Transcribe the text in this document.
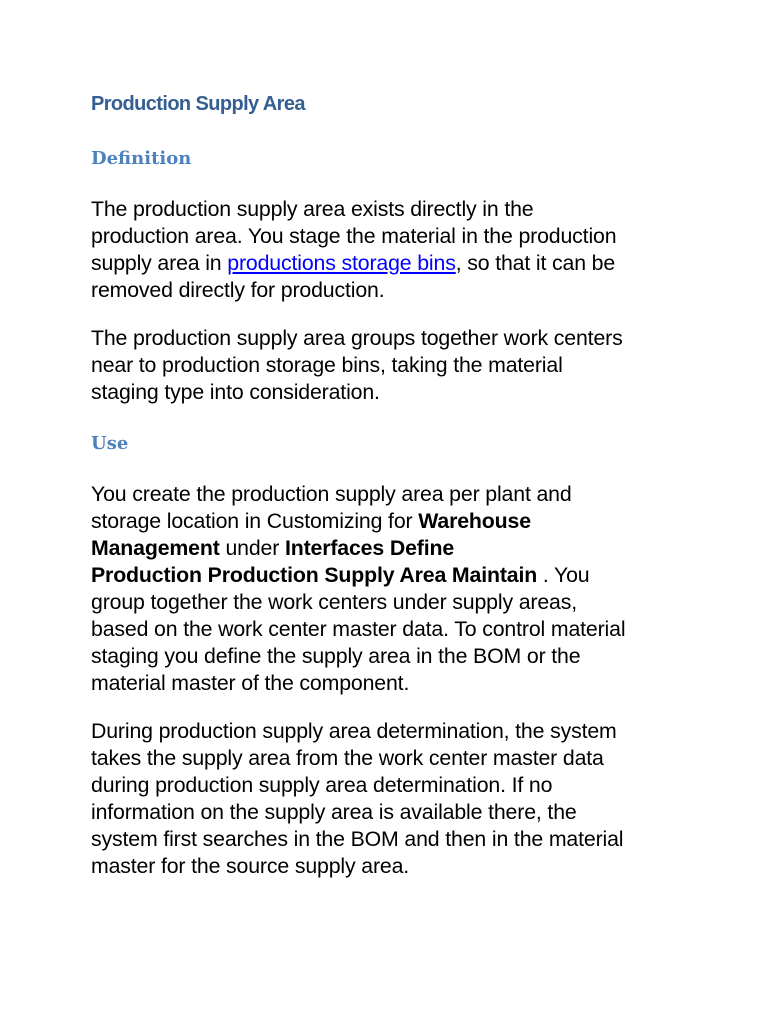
Production Supply Area
Definition

The production supply area exists directly in the
production area. You stage the material in the production
supply area in productions storage bins, so that it can be
removed directly for production.

The production supply area groups together work centers
near to production storage bins, taking the material
staging type into consideration.

Use

You create the production supply area per plant and
storage location in Customizing for Warehouse
Management under Interfaces Define
Production Production Supply Area Maintain . You
group together the work centers under supply areas,
based on the work center master data. To control material
staging you define the supply area in the BOM or the
material master of the component.

During production supply area determination, the system
takes the supply area from the work center master data
during production supply area determination. If no
information on the supply area is available there, the
system first searches in the BOM and then in the material
master for the source supply area.
